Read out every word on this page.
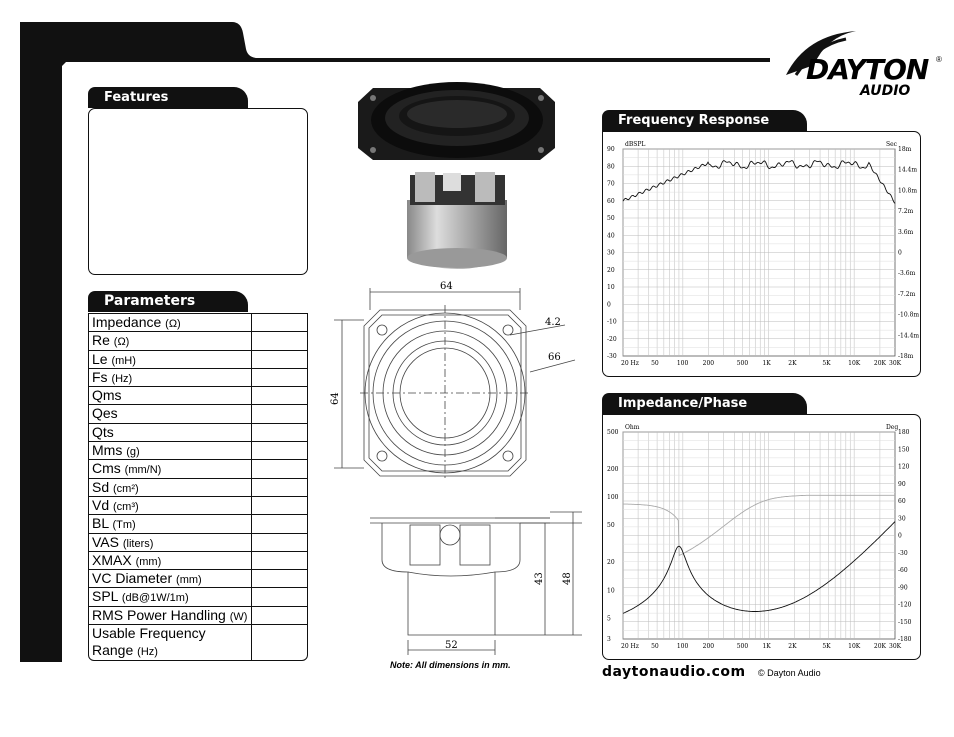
DAYTON ®
AUDIO
Features
Parameters
Impedance (Ω)
Re (Ω)
Le (mH)
Fs (Hz)
Qms
Qes
Qts
Mms (g)
Cms (mm/N)
Sd (cm²)
Vd (cm³)
BL (Tm)
VAS (liters)
XMAX (mm)
VC Diameter (mm)
SPL (dB@1W/1m)
RMS Power Handling (W)
Usable Frequency
Range (Hz)
64
4.2
66
64
43 48
52
Note: All dimensions in mm.
Frequency Response
20 Hz 50	100 200	500 1K	2K	5K	10K 20K 30K
90
80
70
60
50
40
30
20
10
0
-10
-20
-30
18m
14.4m
10.8m
7.2m
3.6m
0
-3.6m
-7.2m
-10.8m
-14.4m
-18m
dBSPL	Sec
Impedance/Phase
20 Hz 50	100 200	500 1K	2K	5K	10K 20K 30K
500
200
100
50
20
10
5
3
180
150
120
90
60
30
0
-30
-60
-90
-120
-150
-180
Ohm	Deg
daytonaudio.com © Dayton Audio
